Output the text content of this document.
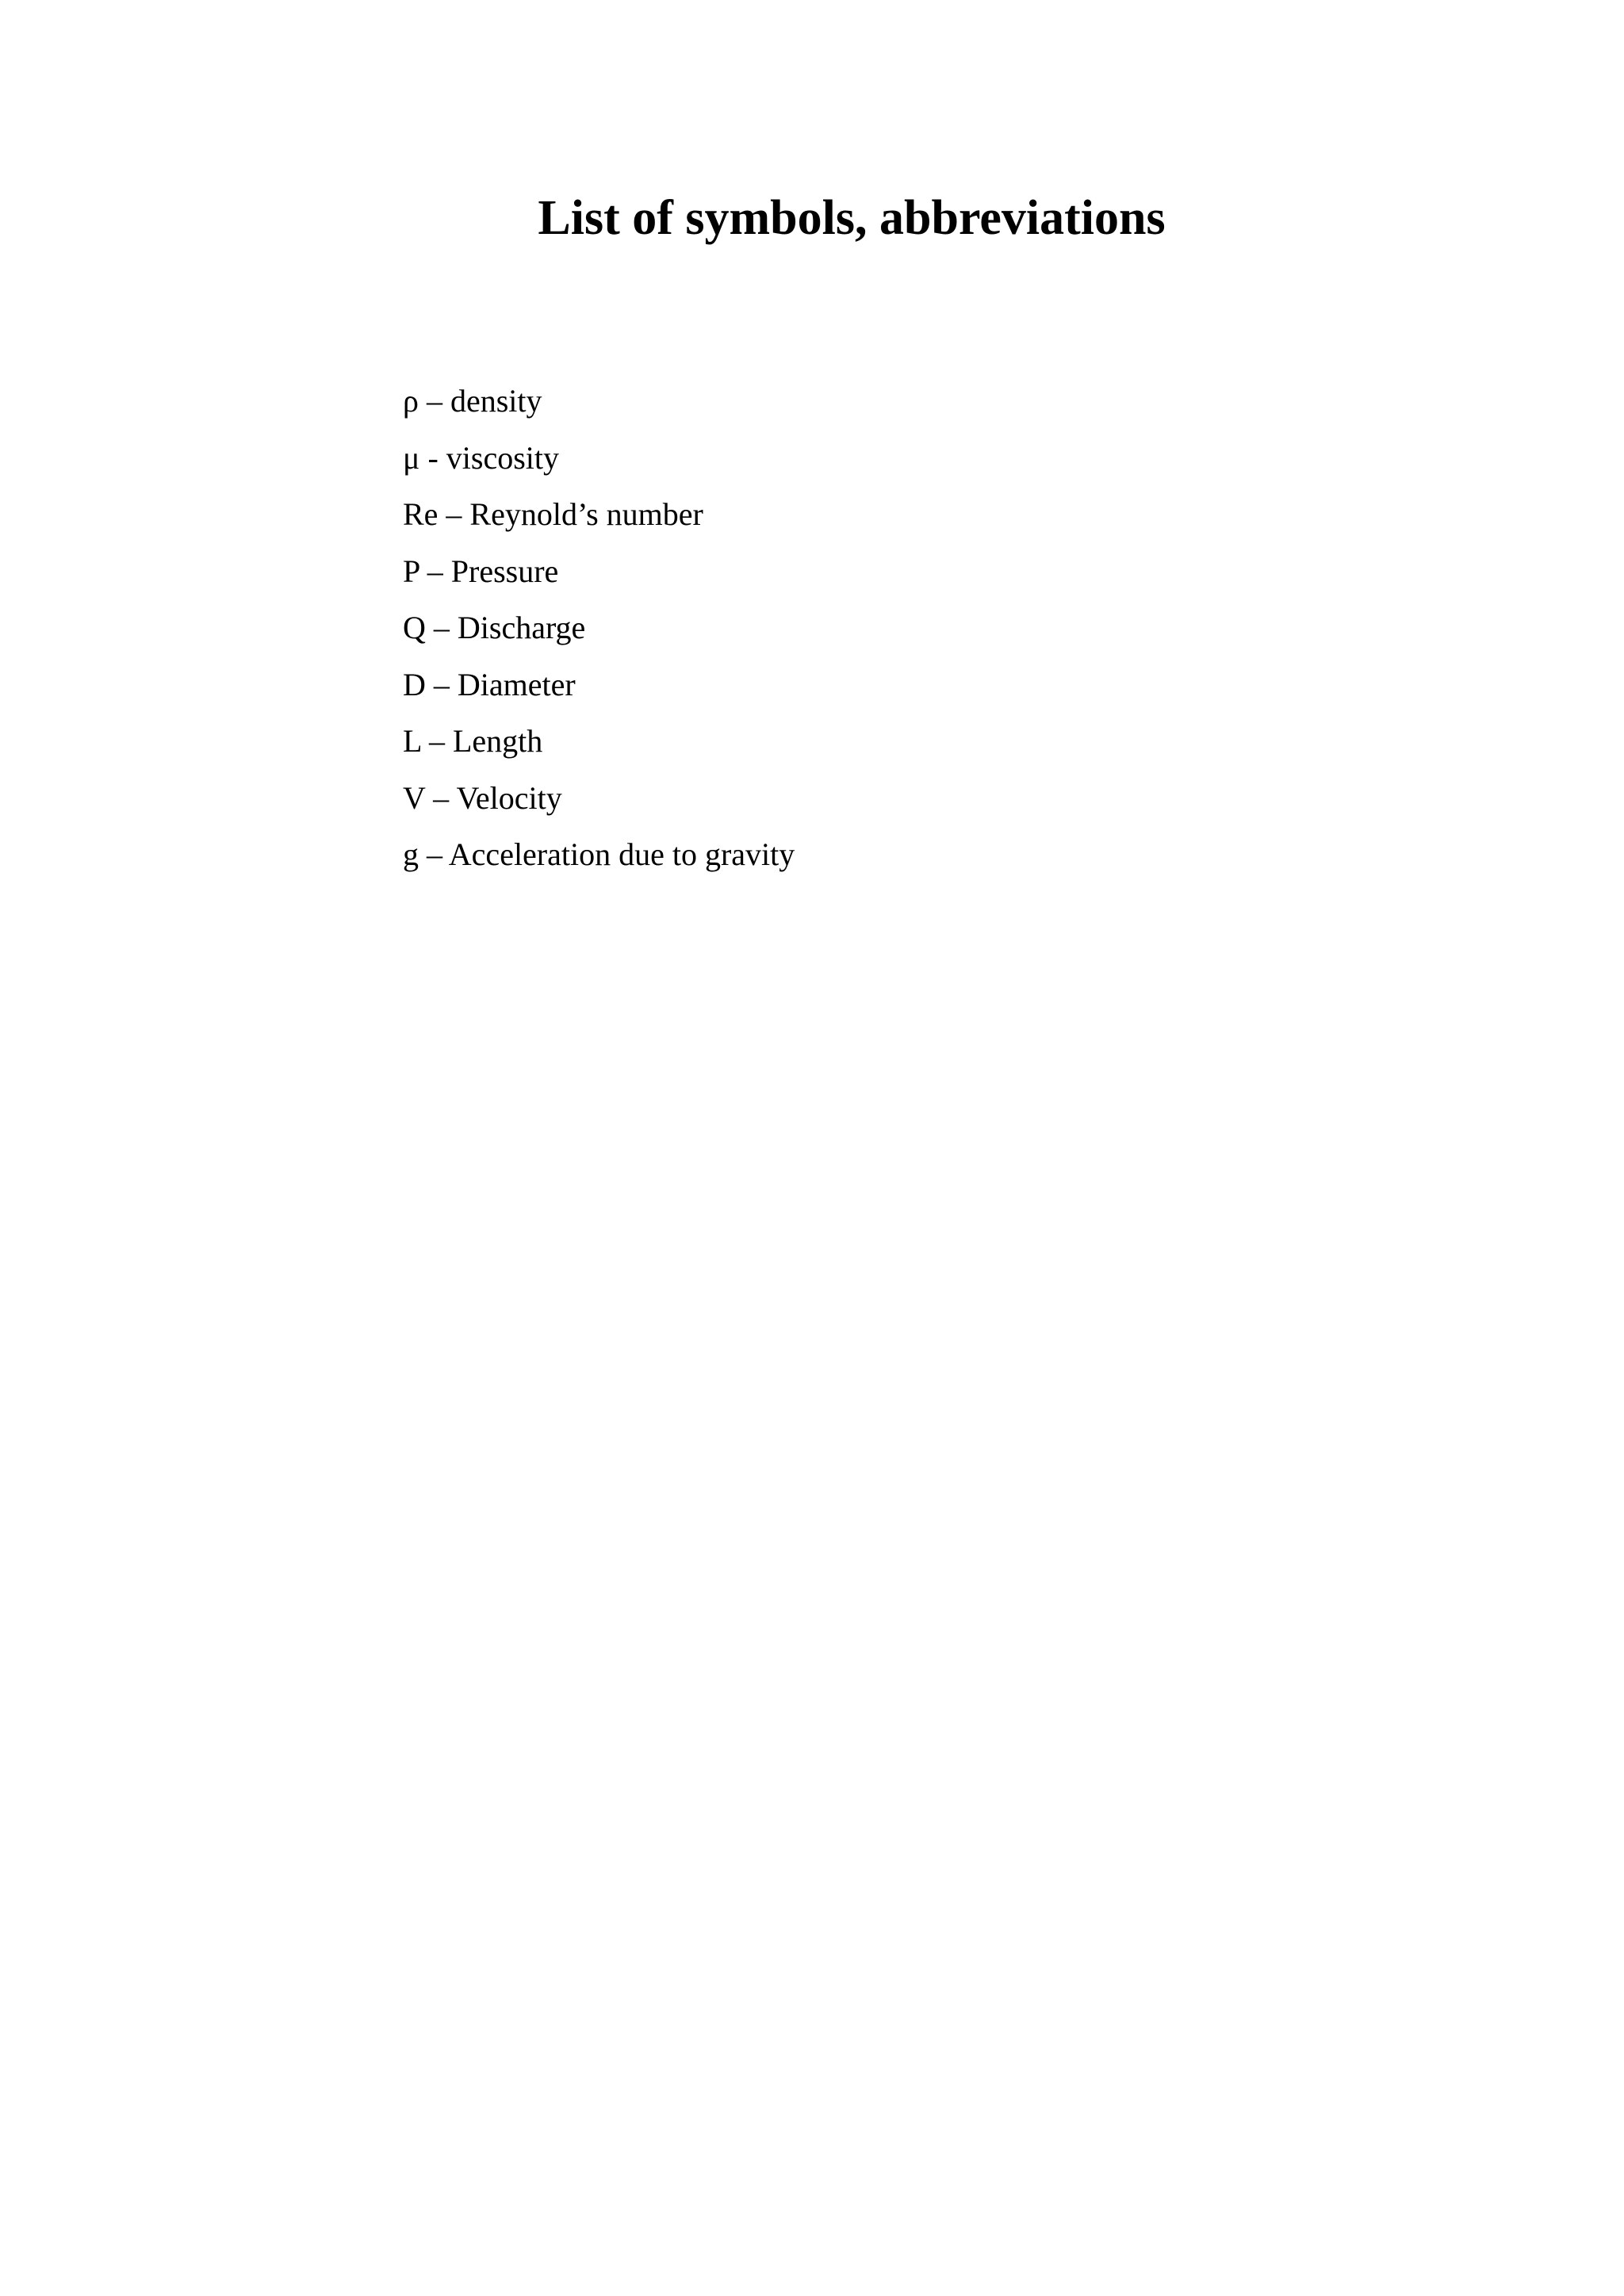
List of symbols, abbreviations
ρ – density
μ - viscosity
Re – Reynold’s number
P – Pressure
Q – Discharge
D – Diameter
L – Length
V – Velocity
g – Acceleration due to gravity
